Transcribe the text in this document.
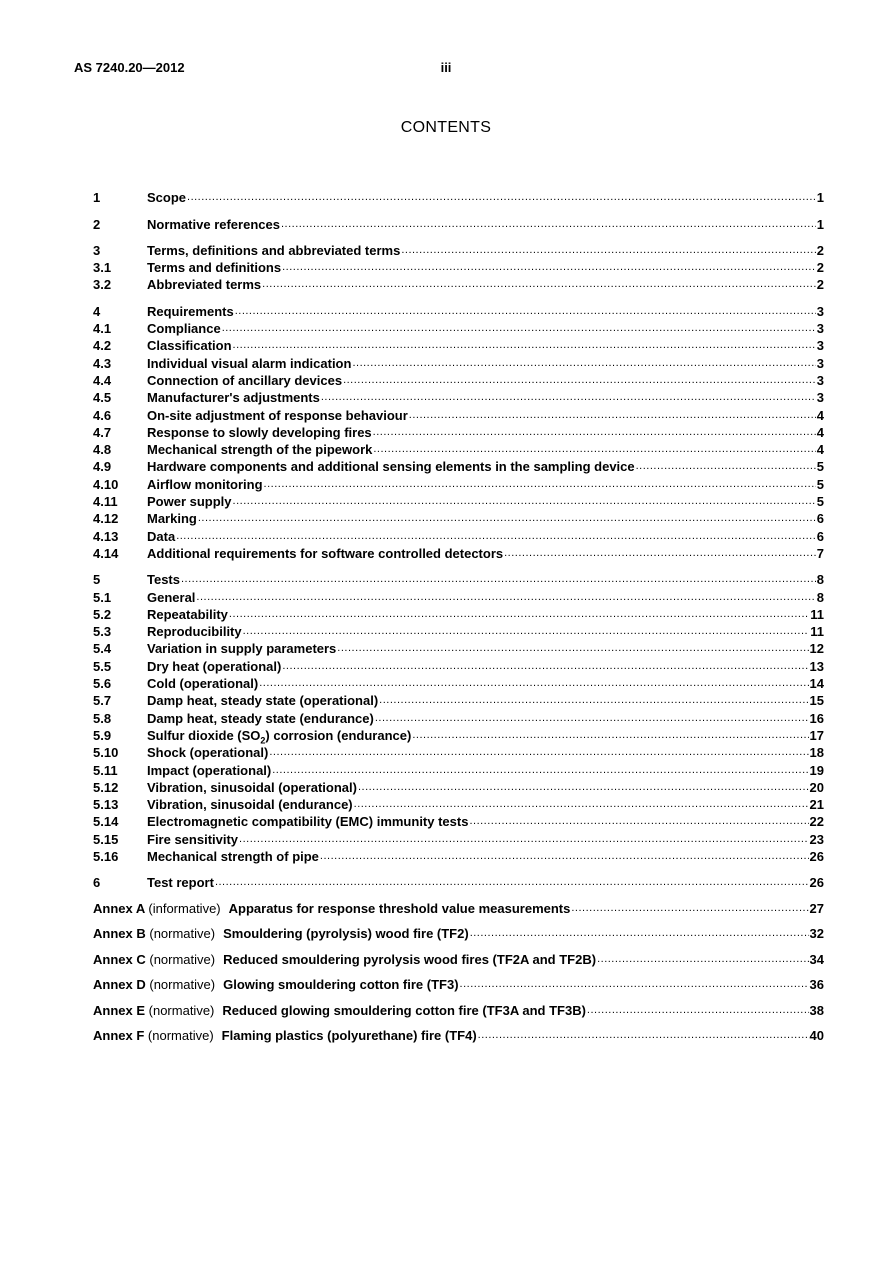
AS 7240.20—2012	iii
CONTENTS
1	Scope .....	1
2	Normative references .....	1
3	Terms, definitions and abbreviated terms .....	2
3.1	Terms and definitions .....	2
3.2	Abbreviated terms .....	2
4	Requirements .....	3
4.1	Compliance .....	3
4.2	Classification .....	3
4.3	Individual visual alarm indication .....	3
4.4	Connection of ancillary devices .....	3
4.5	Manufacturer's adjustments .....	3
4.6	On-site adjustment of response behaviour .....	4
4.7	Response to slowly developing fires .....	4
4.8	Mechanical strength of the pipework .....	4
4.9	Hardware components and additional sensing elements in the sampling device .....	5
4.10	Airflow monitoring .....	5
4.11	Power supply .....	5
4.12	Marking .....	6
4.13	Data .....	6
4.14	Additional requirements for software controlled detectors .....	7
5	Tests .....	8
5.1	General .....	8
5.2	Repeatability .....	11
5.3	Reproducibility .....	11
5.4	Variation in supply parameters .....	12
5.5	Dry heat (operational) .....	13
5.6	Cold (operational) .....	14
5.7	Damp heat, steady state (operational) .....	15
5.8	Damp heat, steady state (endurance) .....	16
5.9	Sulfur dioxide $(SO_2)$ corrosion (endurance) .....	17
5.10	Shock (operational) .....	18
5.11	Impact (operational) .....	19
5.12	Vibration, sinusoidal (operational) .....	20
5.13	Vibration, sinusoidal (endurance) .....	21
5.14	Electromagnetic compatibility (EMC) immunity tests .....	22
5.15	Fire sensitivity .....	23
5.16	Mechanical strength of pipe .....	26
6	Test report .....	26
Annex A (informative) Apparatus for response threshold value measurements .....	27
Annex B (normative) Smouldering (pyrolysis) wood fire (TF2) .....	32
Annex C (normative) Reduced smouldering pyrolysis wood fires (TF2A and TF2B) .....	34
Annex D (normative) Glowing smouldering cotton fire (TF3) .....	36
Annex E (normative) Reduced glowing smouldering cotton fire (TF3A and TF3B) .....	38
Annex F (normative) Flaming plastics (polyurethane) fire (TF4) .....	40
